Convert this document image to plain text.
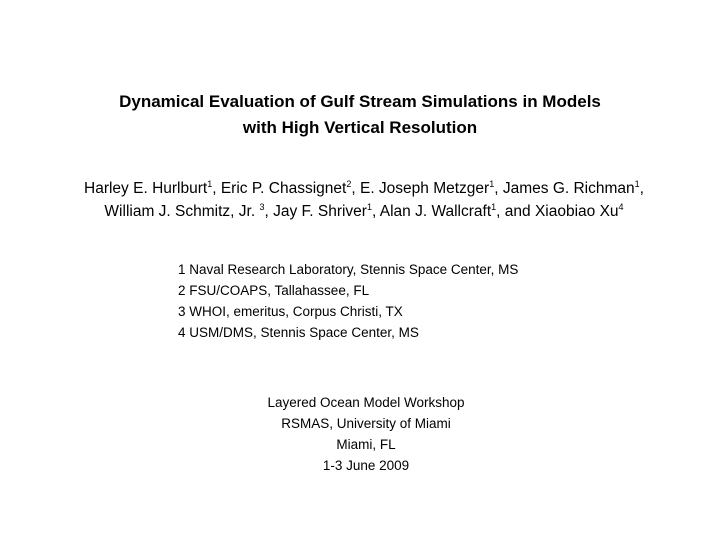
Dynamical Evaluation of Gulf Stream Simulations in Models
with High Vertical Resolution
Harley E. Hurlburt$^1$, Eric P. Chassignet$^2$, E. Joseph Metzger$^1$, James G. Richman$^1$, William J. Schmitz, Jr. $^3$, Jay F. Shriver$^1$, Alan J. Wallcraft$^1$, and Xiaobiao Xu$^4$
1 Naval Research Laboratory, Stennis Space Center, MS
2 FSU/COAPS, Tallahassee, FL
3 WHOI, emeritus, Corpus Christi, TX
4 USM/DMS, Stennis Space Center, MS
Layered Ocean Model Workshop
RSMAS, University of Miami
Miami, FL
1-3 June 2009
